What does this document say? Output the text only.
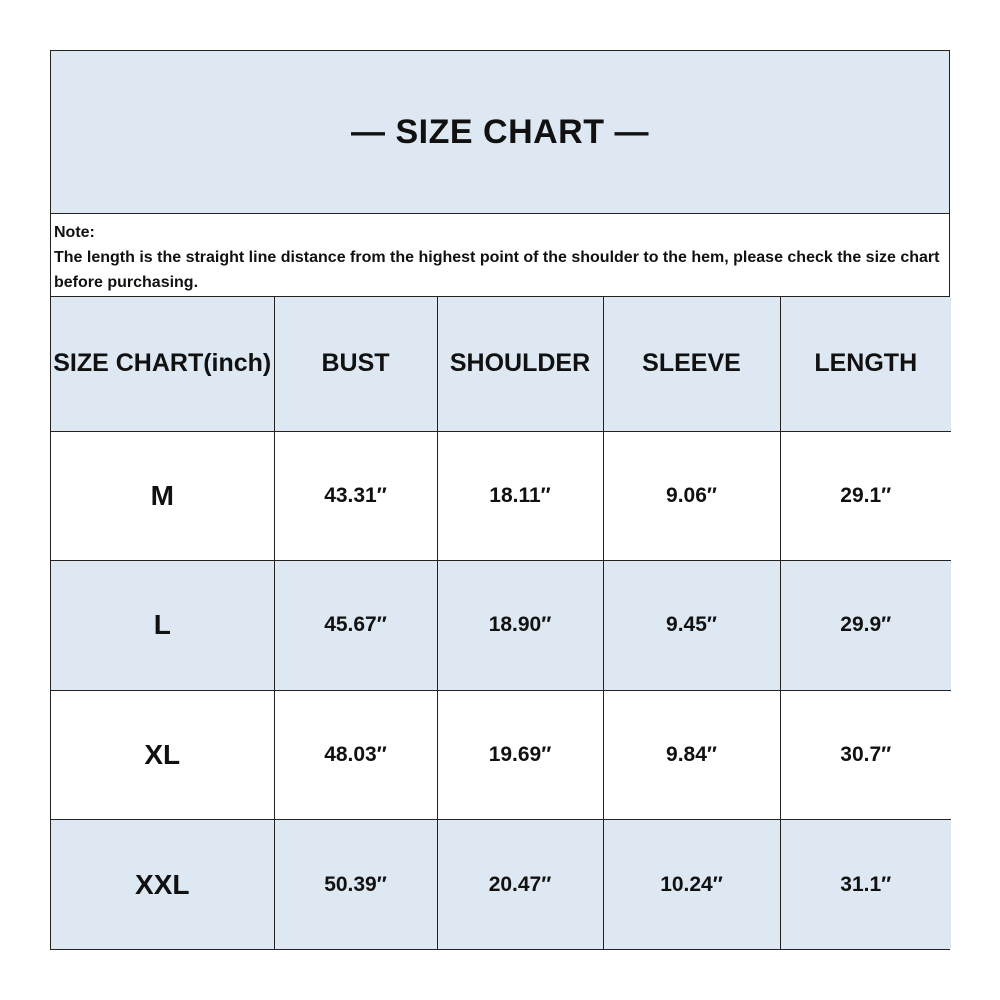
— SIZE CHART —
Note:
The length is the straight line distance from the highest point of the shoulder to the hem, please check the size chart before purchasing.
SIZE CHART(inch)	BUST	SHOULDER	SLEEVE	LENGTH
M	43.31″	18.11″	9.06″	29.1″
L	45.67″	18.90″	9.45″	29.9″
XL	48.03″	19.69″	9.84″	30.7″
XXL	50.39″	20.47″	10.24″	31.1″
